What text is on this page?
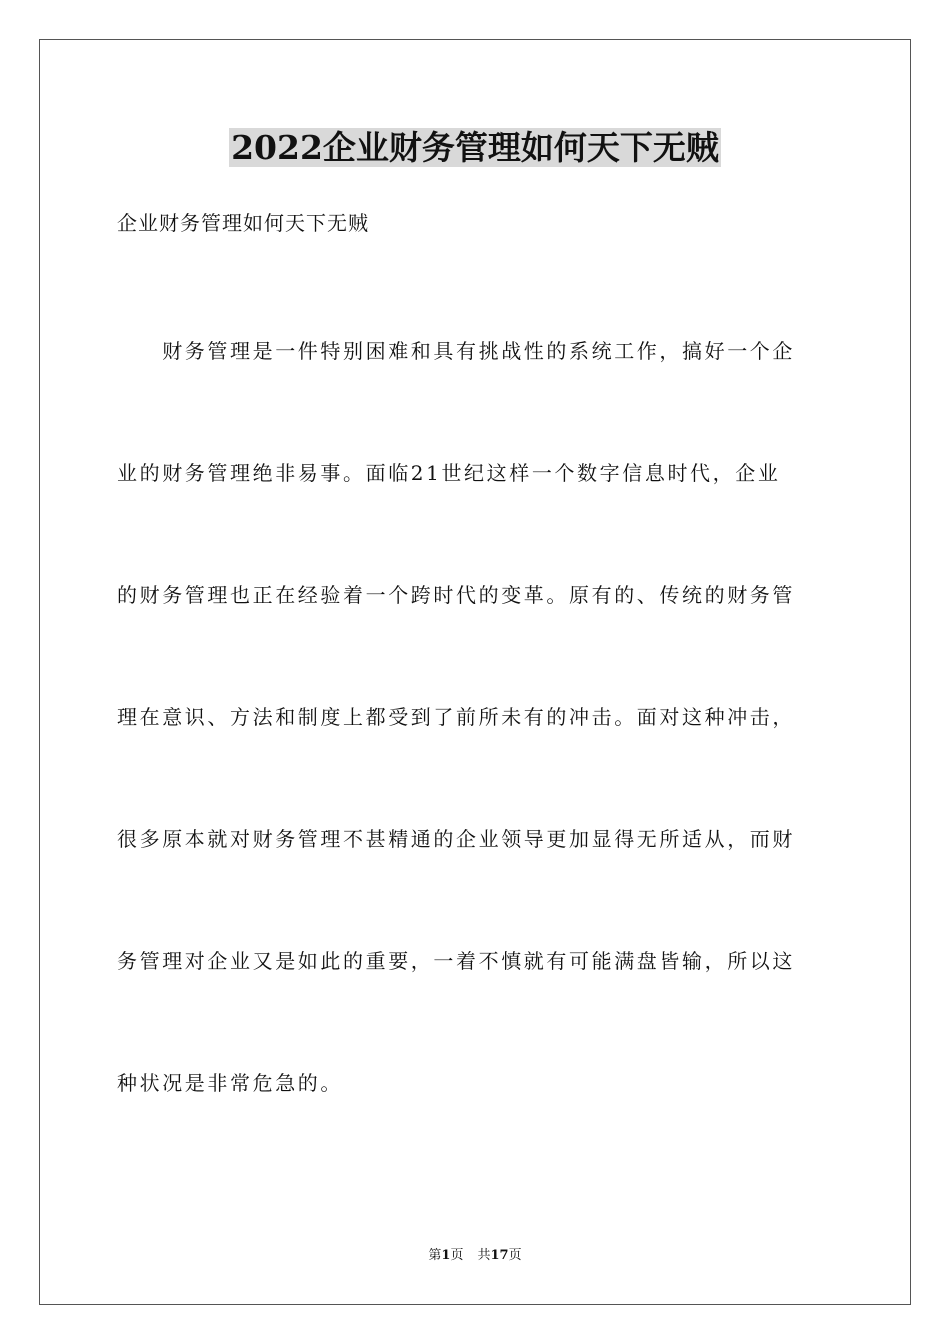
2022企业财务管理如何天下无贼
企业财务管理如何天下无贼
　　财务管理是一件特别困难和具有挑战性的系统工作，搞好一个企
业的财务管理绝非易事。面临21世纪这样一个数字信息时代，企业
的财务管理也正在经验着一个跨时代的变革。原有的、传统的财务管
理在意识、方法和制度上都受到了前所未有的冲击。面对这种冲击，
很多原本就对财务管理不甚精通的企业领导更加显得无所适从，而财
务管理对企业又是如此的重要，一着不慎就有可能满盘皆输，所以这
种状况是非常危急的。
第1页 共17页
